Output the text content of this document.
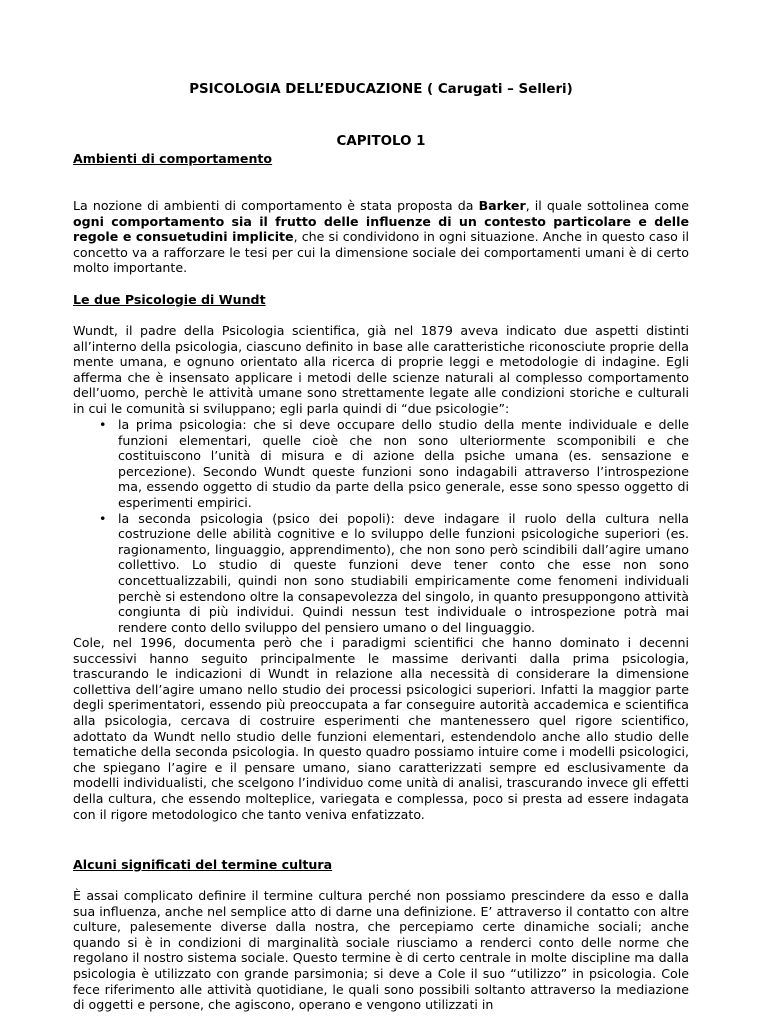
PSICOLOGIA DELL’EDUCAZIONE ( Carugati – Selleri)
CAPITOLO 1
Ambienti di comportamento

La nozione di ambienti di comportamento è stata proposta da Barker, il quale sottolinea come ogni comportamento sia il frutto delle influenze di un contesto particolare e delle regole e consuetudini implicite, che si condividono in ogni situazione. Anche in questo caso il concetto va a rafforzare le tesi per cui la dimensione sociale dei comportamenti umani è di certo molto importante.

Le due Psicologie di Wundt

Wundt, il padre della Psicologia scientifica, già nel 1879 aveva indicato due aspetti distinti all’interno della psicologia, ciascuno definito in base alle caratteristiche riconosciute proprie della mente umana, e ognuno orientato alla ricerca di proprie leggi e metodologie di indagine. Egli afferma che è insensato applicare i metodi delle scienze naturali al complesso comportamento dell’uomo, perchè le attività umane sono strettamente legate alle condizioni storiche e culturali in cui le comunità si sviluppano; egli parla quindi di “due psicologie”:

• la prima psicologia: che si deve occupare dello studio della mente individuale e delle funzioni elementari, quelle cioè che non sono ulteriormente scomponibili e che costituiscono l’unità di misura e di azione della psiche umana (es. sensazione e percezione). Secondo Wundt queste funzioni sono indagabili attraverso l’introspezione ma, essendo oggetto di studio da parte della psico generale, esse sono spesso oggetto di esperimenti empirici.
• la seconda psicologia (psico dei popoli): deve indagare il ruolo della cultura nella costruzione delle abilità cognitive e lo sviluppo delle funzioni psicologiche superiori (es. ragionamento, linguaggio, apprendimento), che non sono però scindibili dall’agire umano collettivo. Lo studio di queste funzioni deve tener conto che esse non sono concettualizzabili, quindi non sono studiabili empiricamente come fenomeni individuali perchè si estendono oltre la consapevolezza del singolo, in quanto presuppongono attività congiunta di più individui. Quindi nessun test individuale o introspezione potrà mai rendere conto dello sviluppo del pensiero umano o del linguaggio.

Cole, nel 1996, documenta però che i paradigmi scientifici che hanno dominato i decenni successivi hanno seguito principalmente le massime derivanti dalla prima psicologia, trascurando le indicazioni di Wundt in relazione alla necessità di considerare la dimensione collettiva dell’agire umano nello studio dei processi psicologici superiori. Infatti la maggior parte degli sperimentatori, essendo più preoccupata a far conseguire autorità accademica e scientifica alla psicologia, cercava di costruire esperimenti che mantenessero quel rigore scientifico, adottato da Wundt nello studio delle funzioni elementari, estendendolo anche allo studio delle tematiche della seconda psicologia. In questo quadro possiamo intuire come i modelli psicologici, che spiegano l’agire e il pensare umano, siano caratterizzati sempre ed esclusivamente da modelli individualisti, che scelgono l’individuo come unità di analisi, trascurando invece gli effetti della cultura, che essendo molteplice, variegata e complessa, poco si presta ad essere indagata con il rigore metodologico che tanto veniva enfatizzato.

Alcuni significati del termine cultura

È assai complicato definire il termine cultura perché non possiamo prescindere da esso e dalla sua influenza, anche nel semplice atto di darne una definizione. E’ attraverso il contatto con altre culture, palesemente diverse dalla nostra, che percepiamo certe dinamiche sociali; anche quando si è in condizioni di marginalità sociale riusciamo a renderci conto delle norme che regolano il nostro sistema sociale. Questo termine è di certo centrale in molte discipline ma dalla psicologia è utilizzato con grande parsimonia; si deve a Cole il suo “utilizzo” in psicologia. Cole fece riferimento alle attività quotidiane, le quali sono possibili soltanto attraverso la mediazione di oggetti e persone, che agiscono, operano e vengono utilizzati in
